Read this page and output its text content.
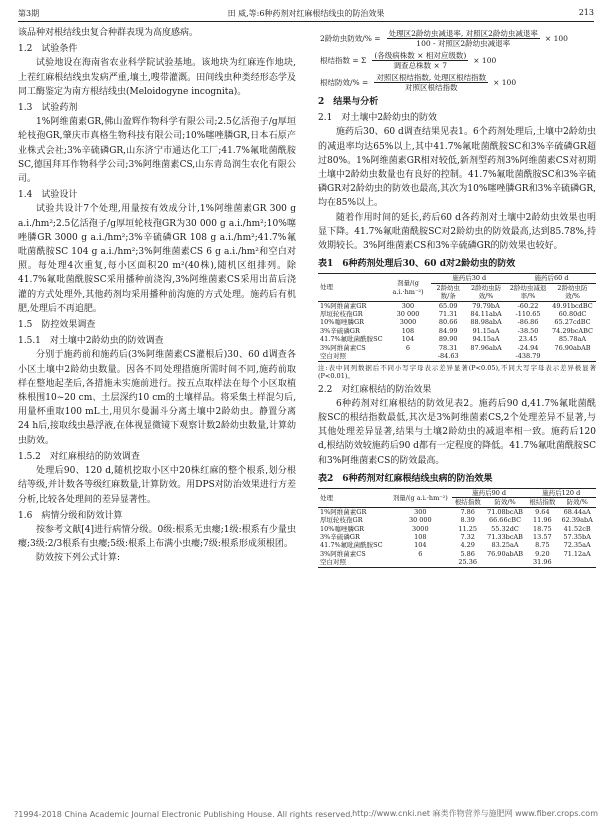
第3期	田 威,等:6种药剂对红麻根结线虫的防治效果	213

该品种对根结线虫复合种群表现为高度感病。

1.2　试验条件

试验地设在海南省农业科学院试验基地。该地块为红麻连作地块,上茬红麻根结线虫发病严重,壤土,嗖带灌溉。田间线虫种类经形态学及同工酶鉴定为南方根结线虫(Meloidogyne incognita)。

1.3　试验药剂

1%阿维菌素GR,佛山盈辉作物科学有限公司;2.5亿活孢子/g厚垣轮枝孢GR,肇庆市真格生物科技有限公司;10%噻唑膦GR,日本石原产业株式会社;3%辛硫磷GR,山东济宁市通达化工厂;41.7%氟吡菌酰胺SC,德国拜耳作物科学公司;3%阿维菌素CS,山东青岛润生农化有限公司。

1.4　试验设计

试验共设计7个处理,用量按有效成分计,1%阿维菌素GR 300 g a.i./hm²;2.5亿活孢子/g厚垣轮枝孢GR为30 000 g a.i./hm²;10%噻唑膦GR 3000 g a.i./hm²;3%辛硫磷GR 108 g a.i./hm²;41.7%氟吡菌酰胺SC 104 g a.i./hm²;3%阿维菌素CS 6 g a.i./hm²和空白对照。每处理4次重复,每小区面积20 m²(40株),随机区组排列。除41.7%氟吡菌酰胺SC采用播种前浇沟,3%阿维菌素CS采用出苗后浇灌的方式处理外,其他药剂均采用播种前沟施的方式处理。施药后有机肥,处理后不再追肥。

1.5　防控效果调查

1.5.1　对土壤中2龄幼虫的防效调查

分别于施药前和施药后(3%阿维菌素CS灌根后)30、60 d调查各小区土壤中2龄幼虫数量。因各不同处理措施所需时间不同,施药前取样在整地起垄后,各措施未实施前进行。按五点取样法在每个小区取植株根围10~20 cm、土层深约10 cm的土壤样品。将采集土样混匀后,用量杯重取100 mL土,用贝尔曼漏斗分离土壤中2龄幼虫。静置分离24 h后,接取线虫悬浮液,在体视显微镜下观察计数2龄幼虫数量,计算幼虫防效。

1.5.2　对红麻根结的防效调查

处理后90、120 d,随机挖取小区中20株红麻的整个根系,划分根结等级,并计数各等级红麻数量,计算防效。用DPS对防治效果进行方差分析,比较各处理间的差异显著性。

1.6　病情分级和防效计算

按参考文献[4]进行病情分级。0级:根系无虫瘿;1级:根系有少量虫瘿;3级:2/3根系有虫瘿;5级:根系上布满小虫瘿;7级:根系形成须根团。

防效按下列公式计算:

2龄幼虫防效/% = $\frac{\text{处理区2龄幼虫减退率, 对照区2龄幼虫减退率}}{\text{100 - 对照区2龄幼虫减退率}} \times 100$
根结指数 = Σ $\frac{\text{(各级病株数 × 相对应级数)}}{\text{调查总株数 × 7}} \times 100$
根结防效/% = $\frac{\text{对照区根结指数, 处理区根结指数}}{\text{对照区根结指数}} \times 100$

2　结果与分析

2.1　对土壤中2龄幼虫的防效

施药后30、60 d调查结果见表1。6个药剂处理后,土壤中2龄幼虫的减退率均达65%以上,其中41.7%氟吡菌酰胺SC和3%辛硫磷GR超过80%。1%阿维菌素GR相对较低,新剂型药剂3%阿维菌素CS对初期土壤中2龄幼虫数量也有良好的控制。41.7%氟吡菌酰胺SC和3%辛硫磷GR对2龄幼虫的防效也最高,其次为10%噻唑膦GR和3%辛硫磷GR,均在85%以上。

随着作用时间的延长,药后60 d各药剂对土壤中2龄幼虫效果也明显下降。41.7%氟吡菌酰胺SC对2龄幼虫的防效最高,达到85.78%,持效期较长。3%阿维菌素CS和3%辛硫磷GR的防效果也较好。

表1　6种药剂处理后30、60 d对2龄幼虫的防效

处理	剂量/(g a.i.·hm⁻²)	施药后30 d		施药后60 d	
		2龄幼虫数/条	2龄幼虫防效/%	2龄幼虫减退率/%	2龄幼虫防效/%
1%阿维菌素GR	300	65.09	79.79bA	-60.22	49.91bcdBC
厚垣轮枝孢GR	30 000	71.31	84.11abA	-110.65	60.80dC
10%噻唑膦GR	3000	80.66	88.98abA	-86.86	65.27cdBC
3%辛硫磷GR	108	84.99	91.15aA	-38.50	74.29bcABC
41.7%氟吡菌酰胺SC	104	89.90	94.15aA	23.45	85.78aA
3%阿维菌素CS	6	78.31	87.96abA	-24.94	76.90abAB
空白对照		-84.63		-438.79	

注:表中同列数据后不同小写字母表示差异显著(P<0.05),不同大写字母表示差异极显著(P<0.01)。

2.2　对红麻根结的防治效果

6种药剂对红麻根结的防效见表2。施药后90 d,41.7%氟吡菌酰胺SC的根结指数最低,其次是3%阿维菌素CS,2个处理差异不显著,与其他处理差异显著,结果与土壤2龄幼虫的减退率相一致。施药后120 d,根结防效较施药后90 d都有一定程度的降低。41.7%氟吡菌酰胺SC和3%阿维菌素CS的防效最高。

表2　6种药剂对红麻根结线虫病的防治效果

处理	剂量/(g a.i.·hm⁻²)	施药后90 d		施药后120 d	
		根结指数	防效/%	根结指数	防效/%
1%阿维菌素GR	300	7.86	71.08bcAB	9.64	68.44aA
厚垣轮枝孢GR	30 000	8.39	66.66cBC	11.96	62.39abA
10%噻唑膦GR	3000	11.25	55.32dC	18.75	41.52cB
3%辛硫磷GR	108	7.32	71.33bcAB	13.57	57.35bA
41.7%氟吡菌酰胺SC	104	4.29	83.25aA	8.75	72.35aA
3%阿维菌素CS	6	5.86	76.90abAB	9.20	71.12aA
空白对照		25.36		31.96	
?1994-2018 China Academic Journal Electronic Publishing House. All rights reserved. http://www.cnki.net 麻类作物营养与施肥网 www.fiber.crops.com
